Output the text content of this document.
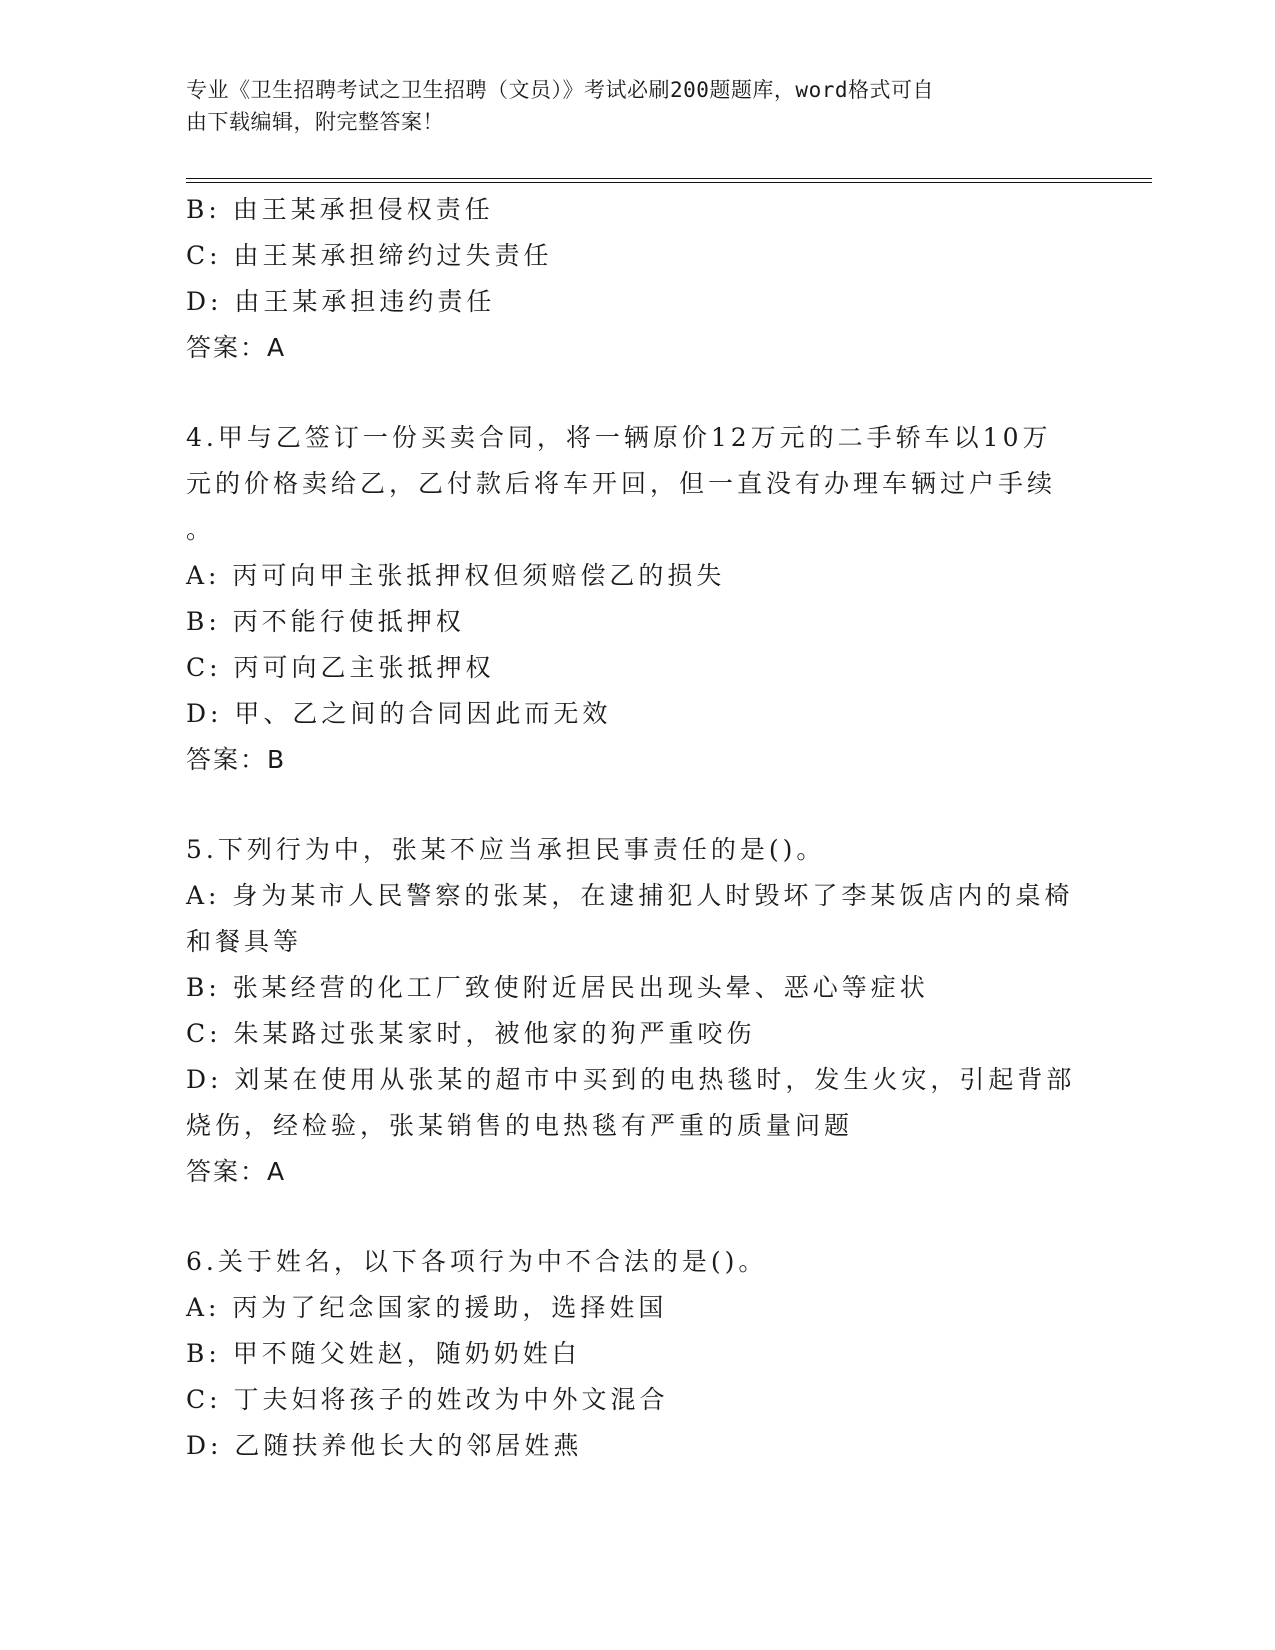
专业《卫生招聘考试之卫生招聘（文员）》考试必刷200题题库，word格式可自
由下载编辑，附完整答案！
B: 由王某承担侵权责任
C: 由王某承担缔约过失责任
D: 由王某承担违约责任
答案：A
4.甲与乙签订一份买卖合同，将一辆原价12万元的二手轿车以10万
元的价格卖给乙，乙付款后将车开回，但一直没有办理车辆过户手续
。
A: 丙可向甲主张抵押权但须赔偿乙的损失
B: 丙不能行使抵押权
C: 丙可向乙主张抵押权
D: 甲、乙之间的合同因此而无效
答案：B
5.下列行为中，张某不应当承担民事责任的是()。
A: 身为某市人民警察的张某，在逮捕犯人时毁坏了李某饭店内的桌椅
和餐具等
B: 张某经营的化工厂致使附近居民出现头晕、恶心等症状
C: 朱某路过张某家时，被他家的狗严重咬伤
D: 刘某在使用从张某的超市中买到的电热毯时，发生火灾，引起背部
烧伤，经检验，张某销售的电热毯有严重的质量问题
答案：A
6.关于姓名，以下各项行为中不合法的是()。
A: 丙为了纪念国家的援助，选择姓国
B: 甲不随父姓赵，随奶奶姓白
C: 丁夫妇将孩子的姓改为中外文混合
D: 乙随扶养他长大的邻居姓燕
